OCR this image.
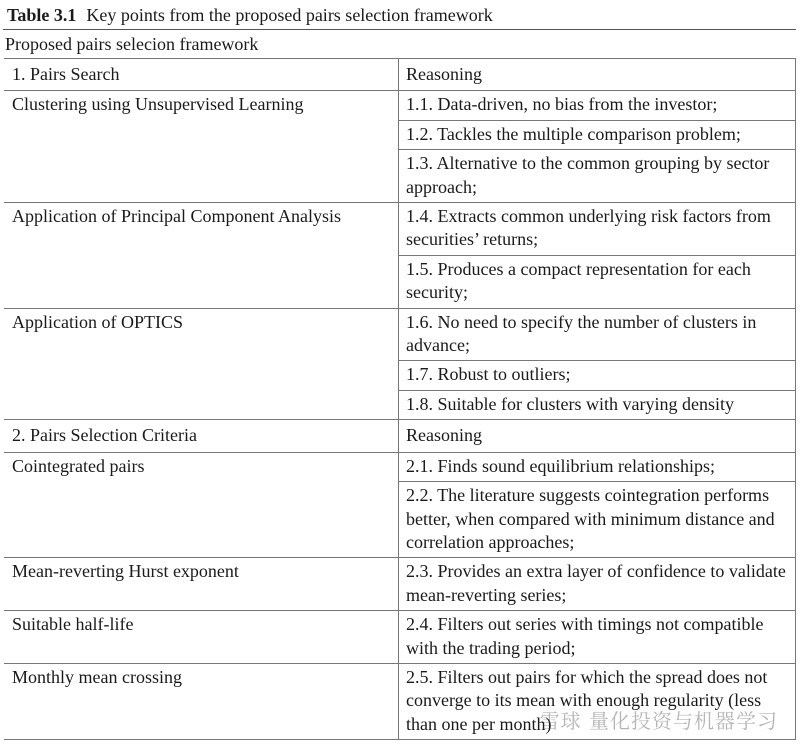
Table 3.1 Key points from the proposed pairs selection framework
Proposed pairs selecion framework
1. Pairs Search	Reasoning
Clustering using Unsupervised Learning	1.1. Data-driven, no bias from the investor;
	1.2. Tackles the multiple comparison problem;
	1.3. Alternative to the common grouping by sector approach;
Application of Principal Component Analysis	1.4. Extracts common underlying risk factors from securities’ returns;
	1.5. Produces a compact representation for each security;
Application of OPTICS	1.6. No need to specify the number of clusters in advance;
	1.7. Robust to outliers;
	1.8. Suitable for clusters with varying density
2. Pairs Selection Criteria	Reasoning
Cointegrated pairs	2.1. Finds sound equilibrium relationships;
	2.2. The literature suggests cointegration performs better, when compared with minimum distance and correlation approaches;
Mean-reverting Hurst exponent	2.3. Provides an extra layer of confidence to validate mean-reverting series;
Suitable half-life	2.4. Filters out series with timings not compatible with the trading period;
Monthly mean crossing	2.5. Filters out pairs for which the spread does not converge to its mean with enough regularity (less than one per month)
雪球 量化投资与机器学习
